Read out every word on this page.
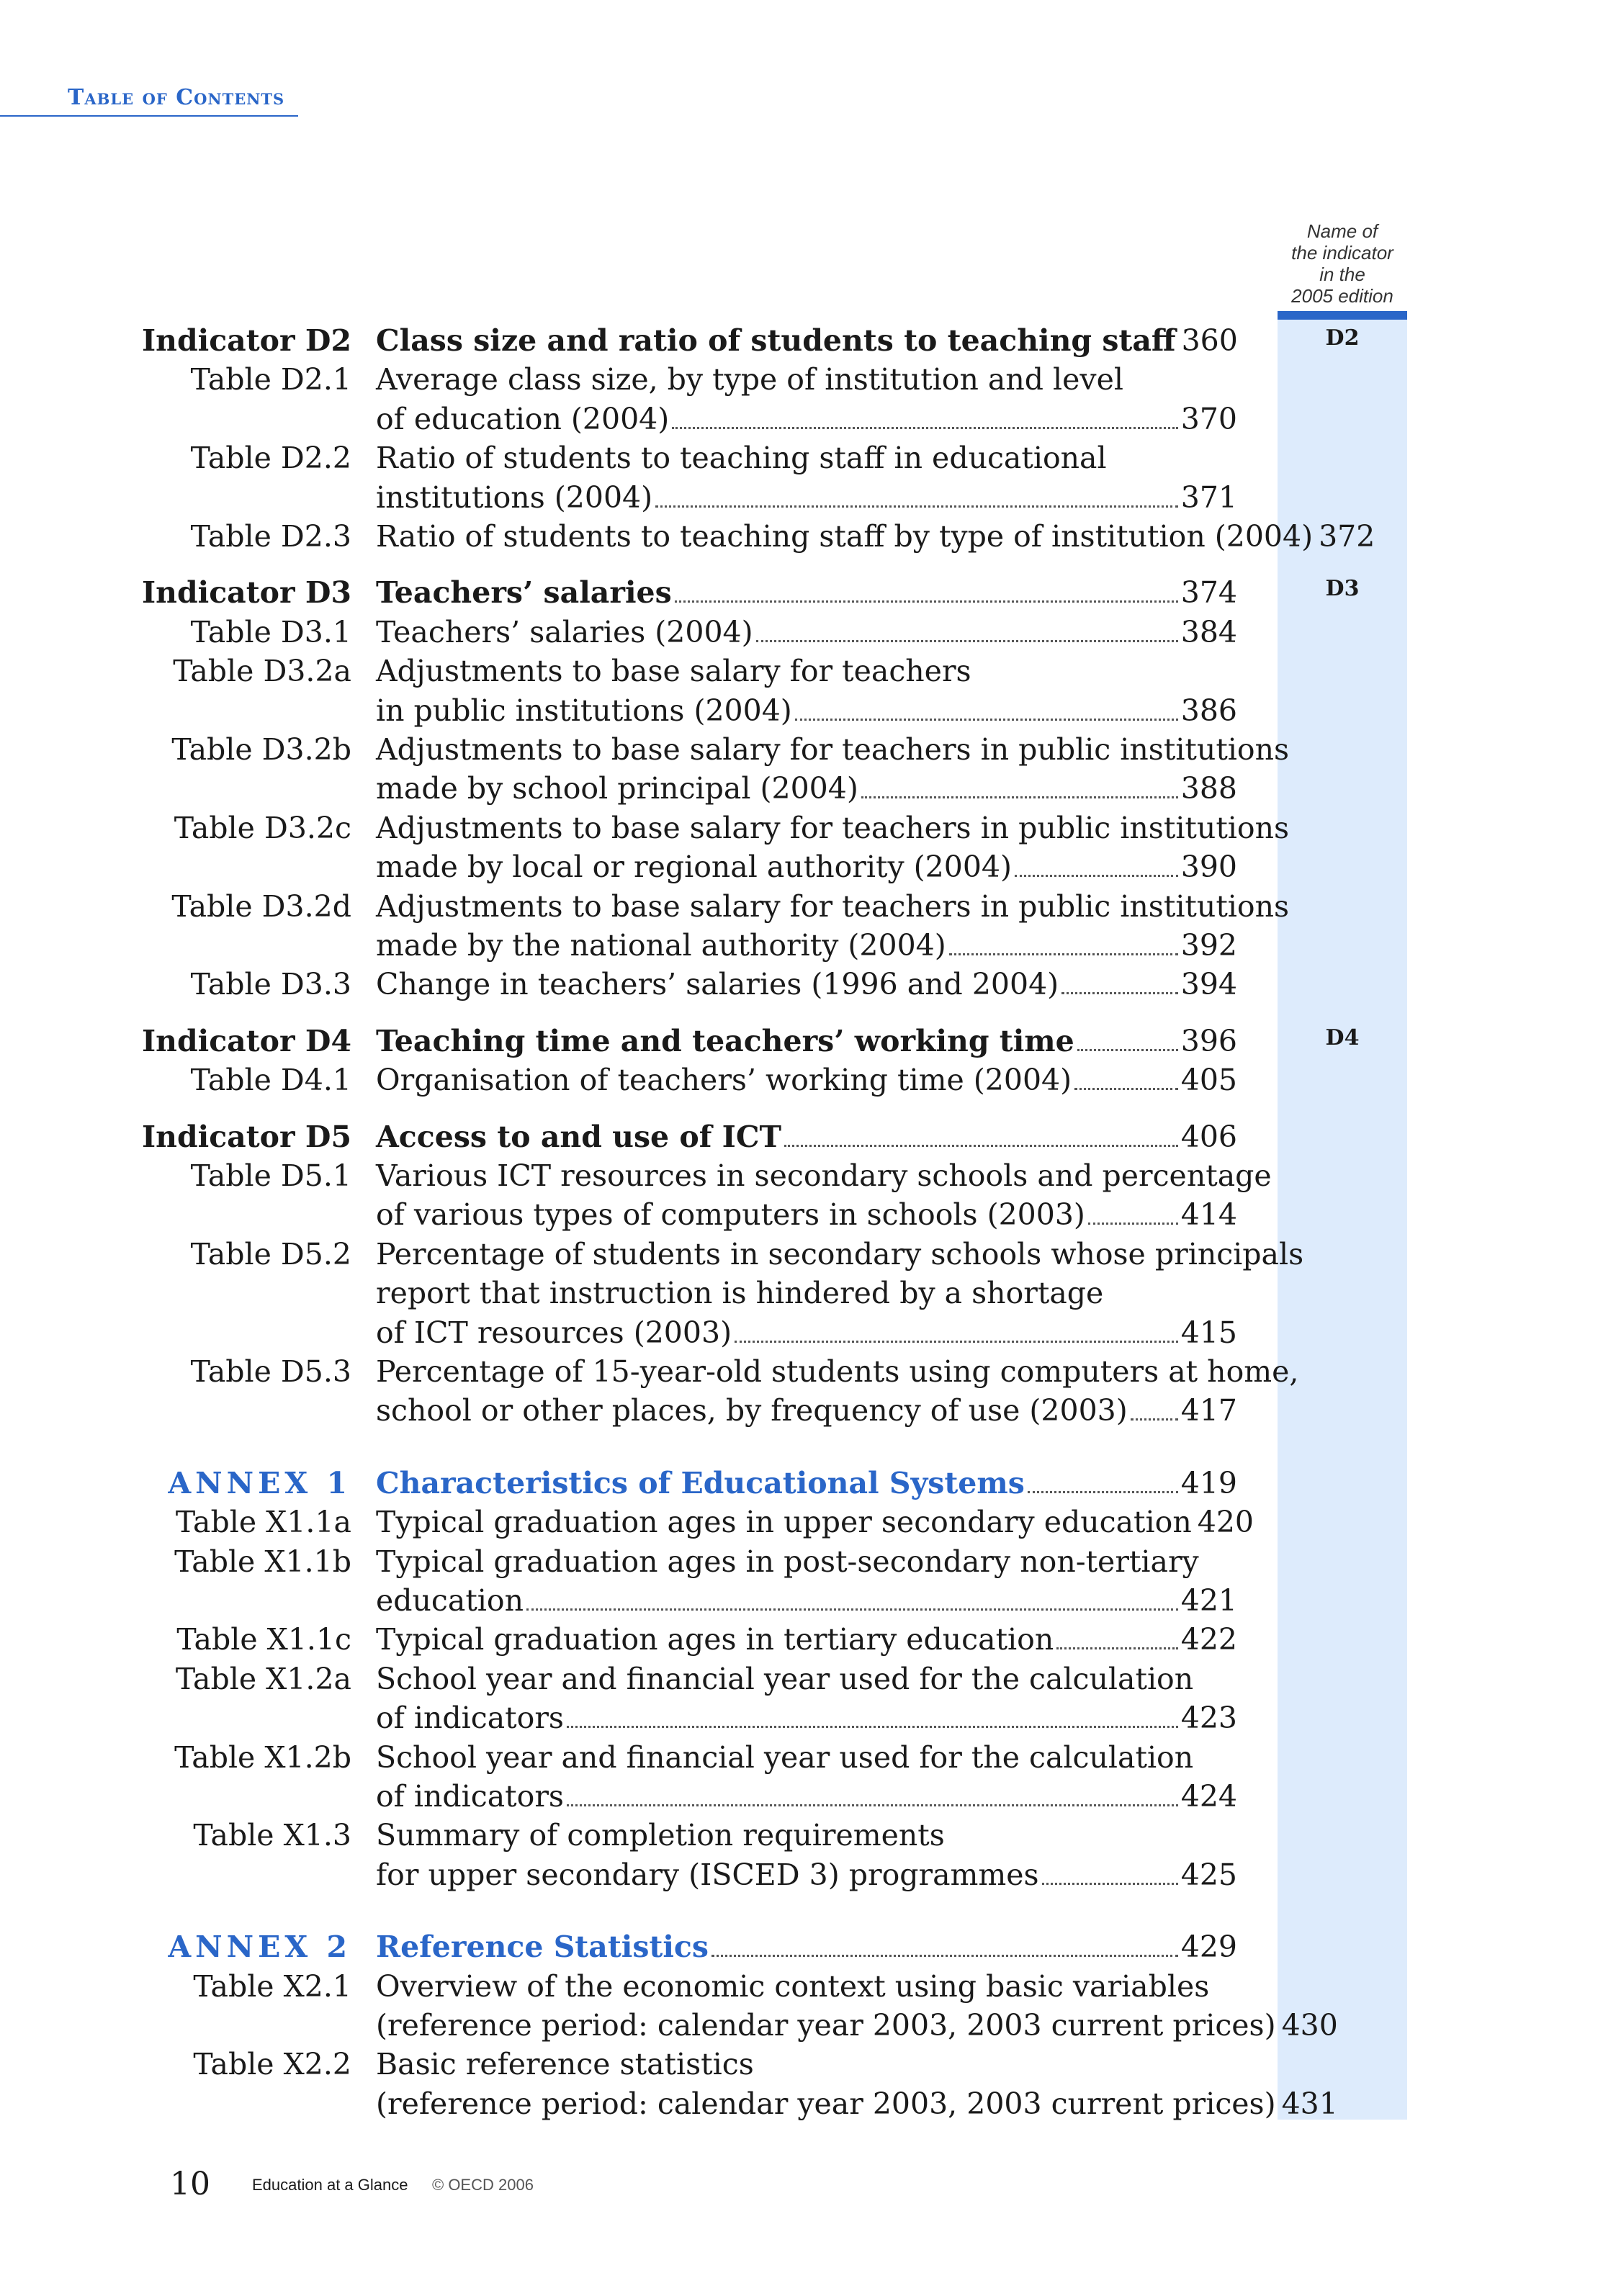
Table of Contents
Name of
the indicator
in the
2005 edition
D2
D3
D4
Indicator D2 Class size and ratio of students to teaching staff 360
Table D2.1 Average class size, by type of institution and level
of education (2004)	370
Table D2.2 Ratio of students to teaching staff in educational
institutions (2004)	371
Table D2.3 Ratio of students to teaching staff by type of institution (2004) 372
Indicator D3 Teachers’ salaries	374
Table D3.1 Teachers’ salaries (2004)	384
Table D3.2a Adjustments to base salary for teachers
in public institutions (2004)	386
Table D3.2b Adjustments to base salary for teachers in public institutions
made by school principal (2004)	388
Table D3.2c Adjustments to base salary for teachers in public institutions
made by local or regional authority (2004)	390
Table D3.2d Adjustments to base salary for teachers in public institutions
made by the national authority (2004)	392
Table D3.3 Change in teachers’ salaries (1996 and 2004)	394
Indicator D4 Teaching time and teachers’ working time	396
Table D4.1 Organisation of teachers’ working time (2004)	405
Indicator D5 Access to and use of ICT	406
Table D5.1 Various ICT resources in secondary schools and percentage
of various types of computers in schools (2003)	414
Table D5.2 Percentage of students in secondary schools whose principals
report that instruction is hindered by a shortage
of ICT resources (2003)	415
Table D5.3 Percentage of 15-year-old students using computers at home,
school or other places, by frequency of use (2003) 417
ANNEX 1 Characteristics of Educational Systems	419
Table X1.1a Typical graduation ages in upper secondary education 420
Table X1.1b Typical graduation ages in post-secondary non-tertiary
education	421
Table X1.1c Typical graduation ages in tertiary education	422
Table X1.2a School year and financial year used for the calculation
of indicators	423
Table X1.2b School year and financial year used for the calculation
of indicators	424
Table X1.3 Summary of completion requirements
for upper secondary (ISCED 3) programmes	425
ANNEX 2 Reference Statistics	429
Table X2.1 Overview of the economic context using basic variables
(reference period: calendar year 2003, 2003 current prices) 430
Table X2.2 Basic reference statistics
(reference period: calendar year 2003, 2003 current prices) 431
10	Education at a Glance © OECD 2006
